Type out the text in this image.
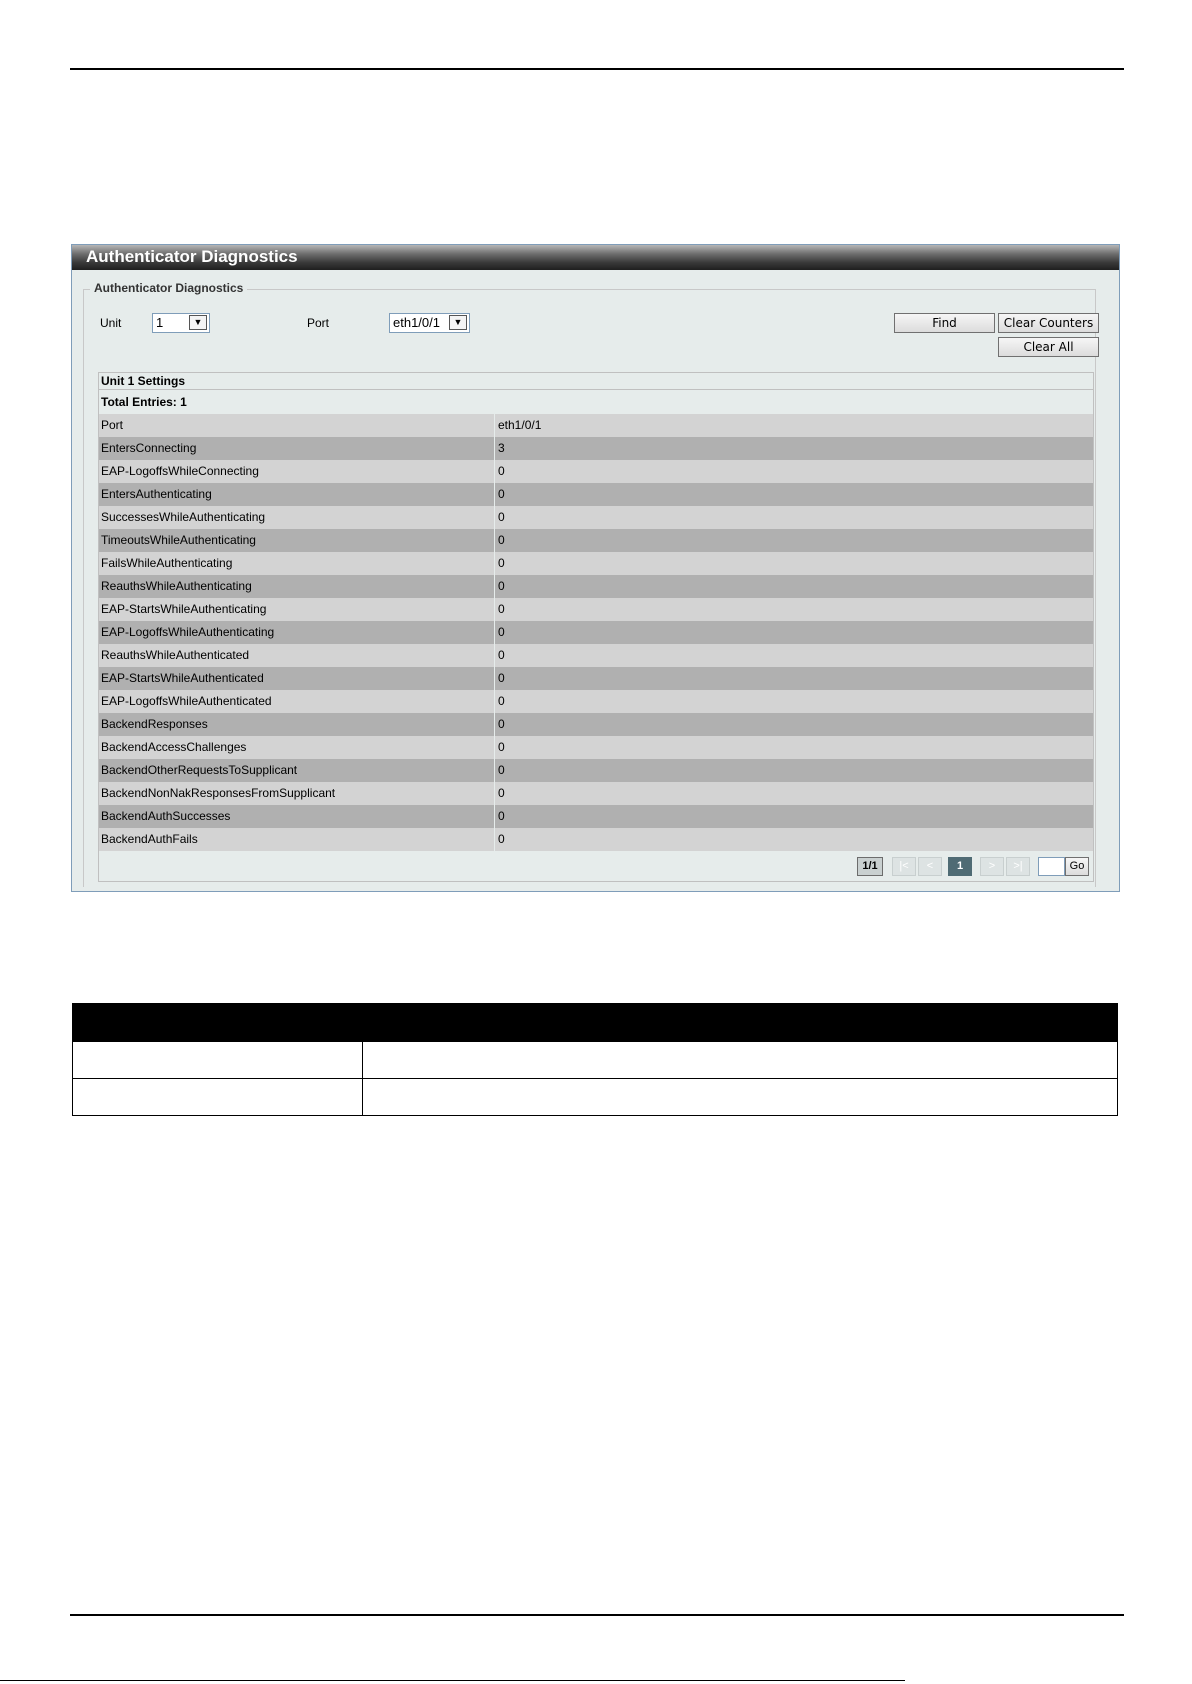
Authenticator Diagnostics
Authenticator Diagnostics
Unit	1	▼	Port	eth1/0/1	▼	Find	Clear Counters
Clear All
Unit 1 Settings
Total Entries: 1
Port	eth1/0/1
EntersConnecting	3
EAP-LogoffsWhileConnecting	0
EntersAuthenticating	0
SuccessesWhileAuthenticating	0
TimeoutsWhileAuthenticating	0
FailsWhileAuthenticating	0
ReauthsWhileAuthenticating	0
EAP-StartsWhileAuthenticating	0
EAP-LogoffsWhileAuthenticating	0
ReauthsWhileAuthenticated	0
EAP-StartsWhileAuthenticated	0
EAP-LogoffsWhileAuthenticated	0
BackendResponses	0
BackendAccessChallenges	0
BackendOtherRequestsToSupplicant	0
BackendNonNakResponsesFromSupplicant	0
BackendAuthSuccesses	0
BackendAuthFails	0
1/1	|<	<	1	>	>|	Go
